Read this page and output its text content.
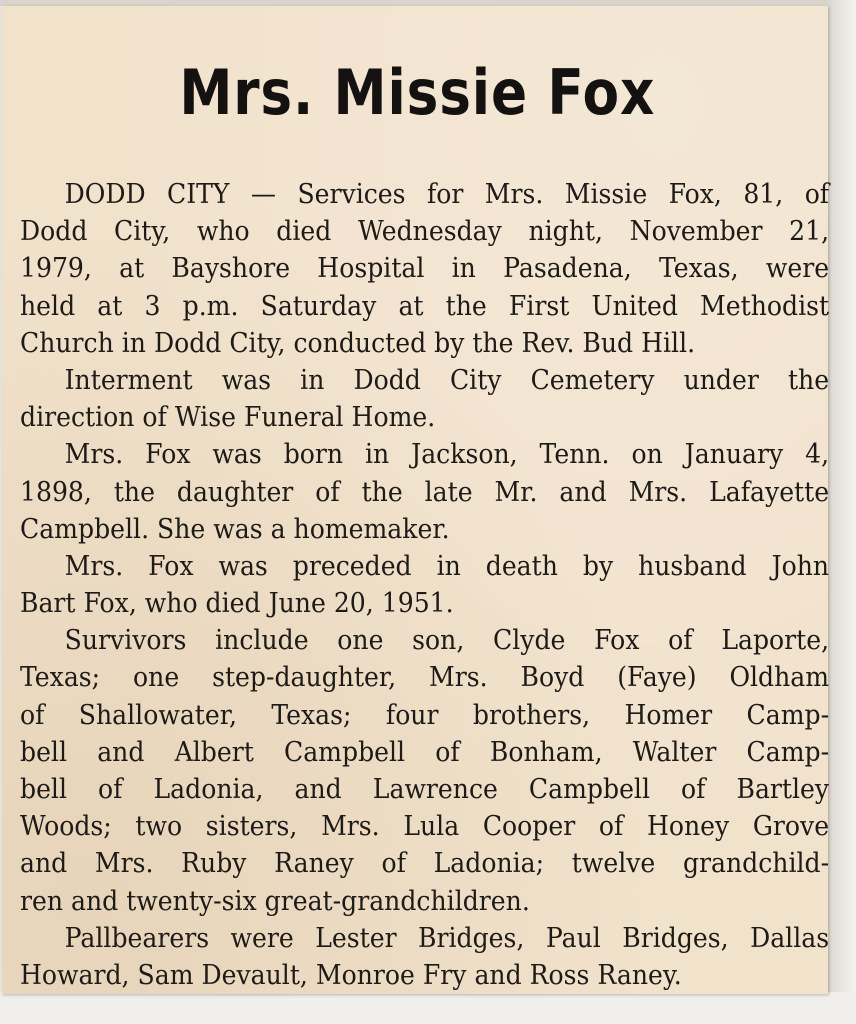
Mrs. Missie Fox
DODD CITY — Services for Mrs. Missie Fox, 81, of
Dodd City, who died Wednesday night, November 21,
1979, at Bayshore Hospital in Pasadena, Texas, were
held at 3 p.m. Saturday at the First United Methodist
Church in Dodd City, conducted by the Rev. Bud Hill.
Interment was in Dodd City Cemetery under the
direction of Wise Funeral Home.
Mrs. Fox was born in Jackson, Tenn. on January 4,
1898, the daughter of the late Mr. and Mrs. Lafayette
Campbell. She was a homemaker.
Mrs. Fox was preceded in death by husband John
Bart Fox, who died June 20, 1951.
Survivors include one son, Clyde Fox of Laporte,
Texas; one step-daughter, Mrs. Boyd (Faye) Oldham
of Shallowater, Texas; four brothers, Homer Camp-
bell and Albert Campbell of Bonham, Walter Camp-
bell of Ladonia, and Lawrence Campbell of Bartley
Woods; two sisters, Mrs. Lula Cooper of Honey Grove
and Mrs. Ruby Raney of Ladonia; twelve grandchild-
ren and twenty-six great-grandchildren.
Pallbearers were Lester Bridges, Paul Bridges, Dallas
Howard, Sam Devault, Monroe Fry and Ross Raney.
